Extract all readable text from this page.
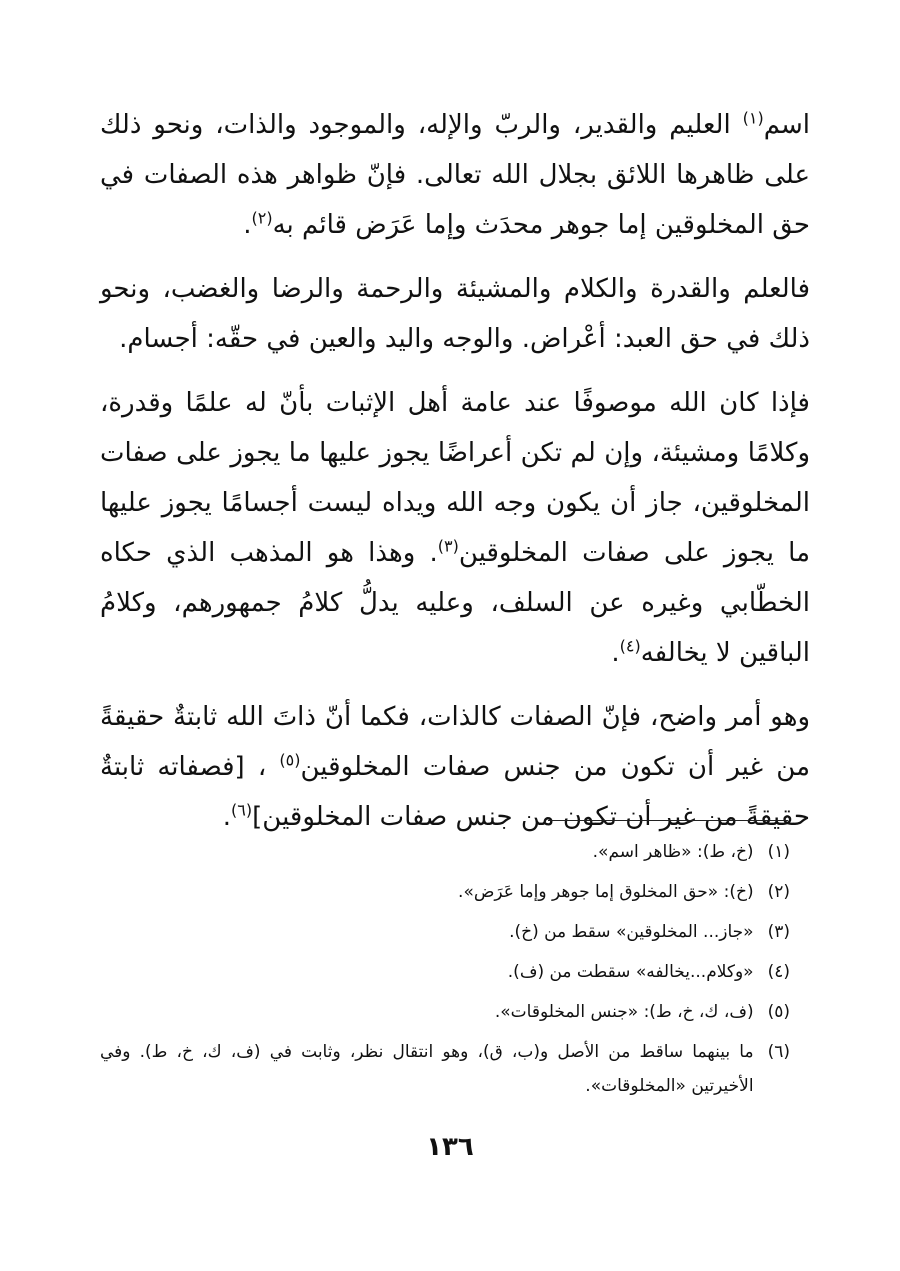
اسم$^{(١)}$ العليم والقدير، والربّ والإله، والموجود والذات، ونحو ذلك على ظاهرها اللائق بجلال الله تعالى. فإنّ ظواهر هذه الصفات في حق المخلوقين إما جوهر محدَث وإما عَرَض قائم به$^{(٢)}$.

فالعلم والقدرة والكلام والمشيئة والرحمة والرضا والغضب، ونحو ذلك في حق العبد: أعْراض. والوجه واليد والعين في حقّه: أجسام.

فإذا كان الله موصوفًا عند عامة أهل الإثبات بأنّ له علمًا وقدرة، وكلامًا ومشيئة، وإن لم تكن أعراضًا يجوز عليها ما يجوز على صفات المخلوقين، جاز أن يكون وجه الله ويداه ليست أجسامًا يجوز عليها ما يجوز على صفات المخلوقين$^{(٣)}$. وهذا هو المذهب الذي حكاه الخطّابي وغيره عن السلف، وعليه يدلُّ كلامُ جمهورهم، وكلامُ الباقين لا يخالفه$^{(٤)}$.

وهو أمر واضح، فإنّ الصفات كالذات، فكما أنّ ذاتَ الله ثابتةٌ حقيقةً من غير أن تكون من جنس صفات المخلوقين$^{(٥)}$ ، [فصفاته ثابتةٌ حقيقةً من غير أن تكون من جنس صفات المخلوقين]$^{(٦)}$.

(١)
(خ، ط): «ظاهر اسم».
(٢)
(خ): «حق المخلوق إما جوهر وإما عَرَض».
(٣)
«جاز... المخلوقين» سقط من (خ).
(٤)
«وكلام...يخالفه» سقطت من (ف).
(٥)
(ف، ك، خ، ط): «جنس المخلوقات».
(٦)
ما بينهما ساقط من الأصل و(ب، ق)، وهو انتقال نظر، وثابت في (ف، ك، خ، ط). وفي الأخيرتين «المخلوقات».
١٣٦
